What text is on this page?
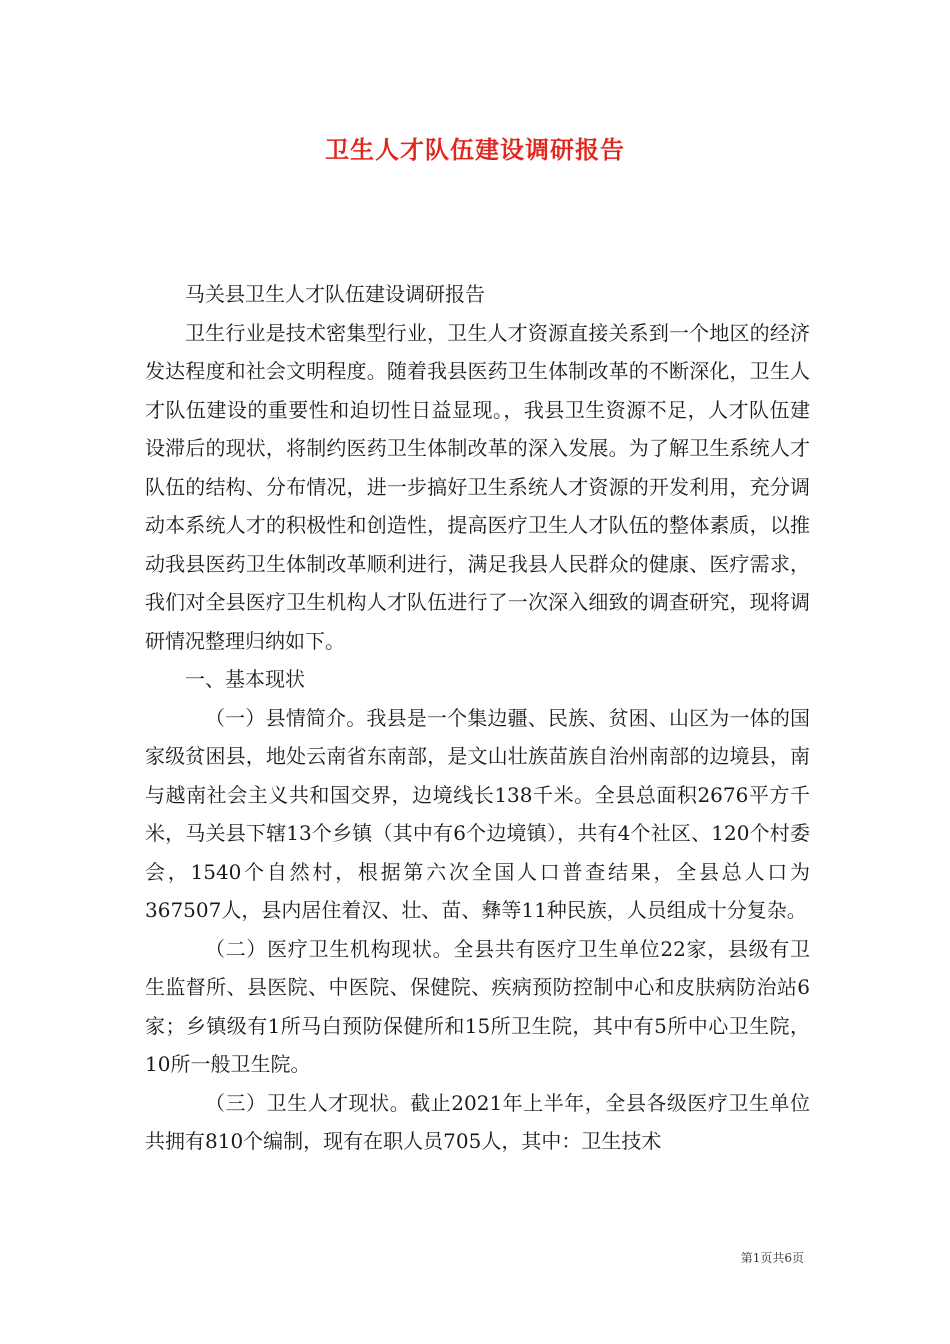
卫生人才队伍建设调研报告

马关县卫生人才队伍建设调研报告

卫生行业是技术密集型行业，卫生人才资源直接关系到一个地区的经济发达程度和社会文明程度。随着我县医药卫生体制改革的不断深化，卫生人才队伍建设的重要性和迫切性日益显现。，我县卫生资源不足，人才队伍建设滞后的现状，将制约医药卫生体制改革的深入发展。为了解卫生系统人才队伍的结构、分布情况，进一步搞好卫生系统人才资源的开发利用，充分调动本系统人才的积极性和创造性，提高医疗卫生人才队伍的整体素质，以推动我县医药卫生体制改革顺利进行，满足我县人民群众的健康、医疗需求，我们对全县医疗卫生机构人才队伍进行了一次深入细致的调查研究，现将调研情况整理归纳如下。

一、基本现状

（一）县情简介。我县是一个集边疆、民族、贫困、山区为一体的国家级贫困县，地处云南省东南部，是文山壮族苗族自治州南部的边境县，南与越南社会主义共和国交界，边境线长138千米。全县总面积2676平方千米，马关县下辖13个乡镇（其中有6个边境镇），共有4个社区、120个村委会，1540个自然村，根据第六次全国人口普查结果，全县总人口为367507人，县内居住着汉、壮、苗、彝等11种民族，人员组成十分复杂。

（二）医疗卫生机构现状。全县共有医疗卫生单位22家，县级有卫生监督所、县医院、中医院、保健院、疾病预防控制中心和皮肤病防治站6家；乡镇级有1所马白预防保健所和15所卫生院，其中有5所中心卫生院，10所一般卫生院。

（三）卫生人才现状。截止2021年上半年，全县各级医疗卫生单位共拥有810个编制，现有在职人员705人，其中：卫生技术

第1页共6页
